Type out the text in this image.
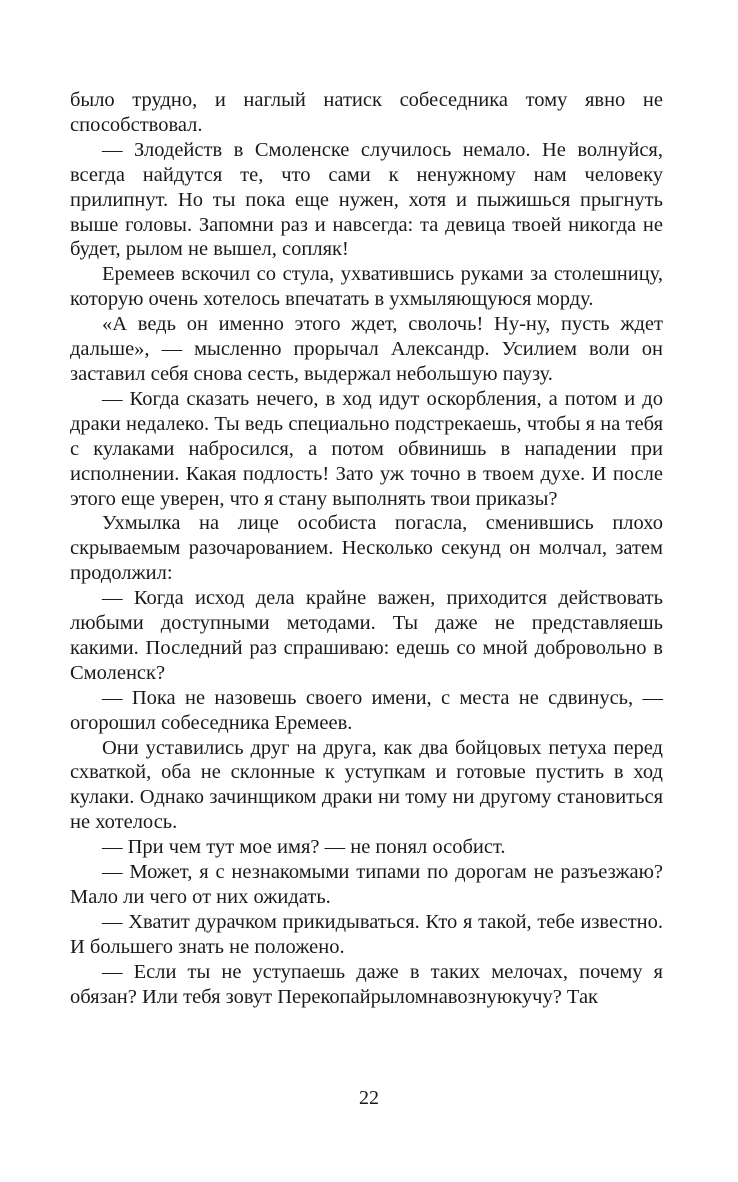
было трудно, и наглый натиск собеседника тому явно не способствовал.

— Злодейств в Смоленске случилось немало. Не волнуйся, всегда найдутся те, что сами к ненужному нам человеку прилипнут. Но ты пока еще нужен, хотя и пыжишься прыгнуть выше головы. Запомни раз и навсегда: та девица твоей никогда не будет, рылом не вышел, сопляк!

Еремеев вскочил со стула, ухватившись руками за столешницу, которую очень хотелось впечатать в ухмыляющуюся морду.

«А ведь он именно этого ждет, сволочь! Ну-ну, пусть ждет дальше», — мысленно прорычал Александр. Усилием воли он заставил себя снова сесть, выдержал небольшую паузу.

— Когда сказать нечего, в ход идут оскорбления, а потом и до драки недалеко. Ты ведь специально подстрекаешь, чтобы я на тебя с кулаками набросился, а потом обвинишь в нападении при исполнении. Какая подлость! Зато уж точно в твоем духе. И после этого еще уверен, что я стану выполнять твои приказы?

Ухмылка на лице особиста погасла, сменившись плохо скрываемым разочарованием. Несколько секунд он молчал, затем продолжил:

— Когда исход дела крайне важен, приходится действовать любыми доступными методами. Ты даже не представляешь какими. Последний раз спрашиваю: едешь со мной добровольно в Смоленск?

— Пока не назовешь своего имени, с места не сдвинусь, — огорошил собеседника Еремеев.

Они уставились друг на друга, как два бойцовых петуха перед схваткой, оба не склонные к уступкам и готовые пустить в ход кулаки. Однако зачинщиком драки ни тому ни другому становиться не хотелось.

— При чем тут мое имя? — не понял особист.

— Может, я с незнакомыми типами по дорогам не разъезжаю? Мало ли чего от них ожидать.

— Хватит дурачком прикидываться. Кто я такой, тебе известно. И большего знать не положено.

— Если ты не уступаешь даже в таких мелочах, почему я обязан? Или тебя зовут Перекопайрыломнавознуюкучу? Так

22
